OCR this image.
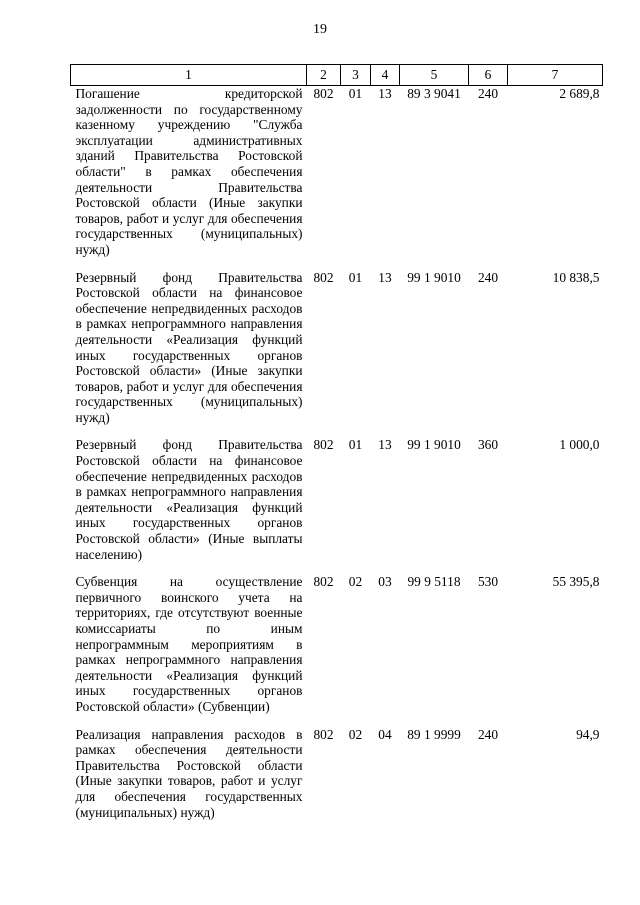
19
1	2	3	4	5	6	7
Погашение кредиторской задолженности по государственному казенному учреждению "Служба эксплуатации административных зданий Правительства Ростовской области" в рамках обеспечения деятельности Правительства Ростовской области (Иные закупки товаров, работ и услуг для обеспечения государственных (муниципальных) нужд)	802	01	13	89 3 9041	240	2 689,8
Резервный фонд Правительства Ростовской области на финансовое обеспечение непредвиденных расходов в рамках непрограммного направления деятельности «Реализация функций иных государственных органов Ростовской области» (Иные закупки товаров, работ и услуг для обеспечения государственных (муниципальных) нужд)	802	01	13	99 1 9010	240	10 838,5
Резервный фонд Правительства Ростовской области на финансовое обеспечение непредвиденных расходов в рамках непрограммного направления деятельности «Реализация функций иных государственных органов Ростовской области» (Иные выплаты населению)	802	01	13	99 1 9010	360	1 000,0
Субвенция на осуществление первичного воинского учета на территориях, где отсутствуют военные комиссариаты по иным непрограммным мероприятиям в рамках непрограммного направления деятельности «Реализация функций иных государственных органов Ростовской области» (Субвенции)	802	02	03	99 9 5118	530	55 395,8
Реализация направления расходов в рамках обеспечения деятельности Правительства Ростовской области (Иные закупки товаров, работ и услуг для обеспечения государственных (муниципальных) нужд)	802	02	04	89 1 9999	240	94,9
